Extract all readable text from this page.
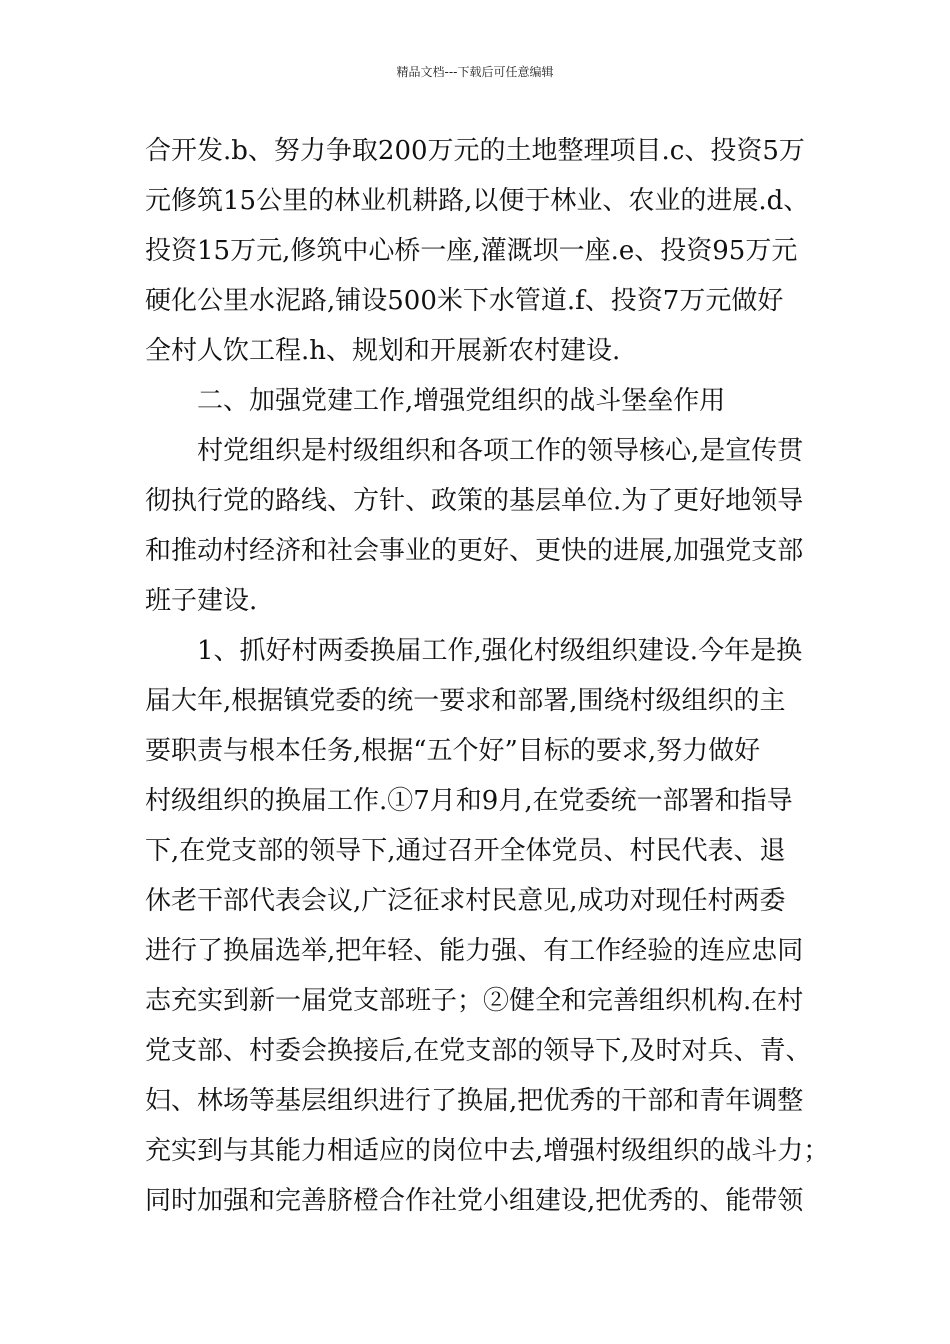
精品文档---下载后可任意编辑
合开发.b、努力争取200万元的土地整理项目.c、投资5万
元修筑15公里的林业机耕路,以便于林业、农业的进展.d、
投资15万元,修筑中心桥一座,灌溉坝一座.e、投资95万元
硬化公里水泥路,铺设500米下水管道.f、投资7万元做好
全村人饮工程.h、规划和开展新农村建设.
　　二、加强党建工作,增强党组织的战斗堡垒作用
　　村党组织是村级组织和各项工作的领导核心,是宣传贯
彻执行党的路线、方针、政策的基层单位.为了更好地领导
和推动村经济和社会事业的更好、更快的进展,加强党支部
班子建设.
　　1、抓好村两委换届工作,强化村级组织建设.今年是换
届大年,根据镇党委的统一要求和部署,围绕村级组织的主
要职责与根本任务,根据“五个好”目标的要求,努力做好
村级组织的换届工作.①7月和9月,在党委统一部署和指导
下,在党支部的领导下,通过召开全体党员、村民代表、退
休老干部代表会议,广泛征求村民意见,成功对现任村两委
进行了换届选举,把年轻、能力强、有工作经验的连应忠同
志充实到新一届党支部班子；②健全和完善组织机构.在村
党支部、村委会换接后,在党支部的领导下,及时对兵、青、
妇、林场等基层组织进行了换届,把优秀的干部和青年调整
充实到与其能力相适应的岗位中去,增强村级组织的战斗力；
同时加强和完善脐橙合作社党小组建设,把优秀的、能带领
